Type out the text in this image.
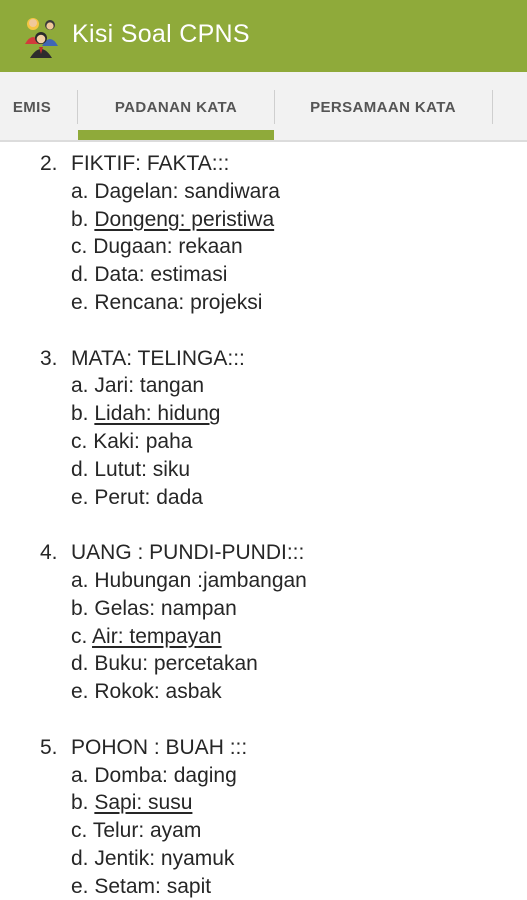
Kisi Soal CPNS
EMIS	PADANAN KATA	PERSAMAAN KATA
2. FIKTIF: FAKTA:::
a. Dagelan: sandiwara
b. Dongeng: peristiwa
c. Dugaan: rekaan
d. Data: estimasi
e. Rencana: projeksi
3. MATA: TELINGA:::
a. Jari: tangan
b. Lidah: hidung
c. Kaki: paha
d. Lutut: siku
e. Perut: dada
4. UANG : PUNDI-PUNDI:::
a. Hubungan :jambangan
b. Gelas: nampan
c. Air: tempayan
d. Buku: percetakan
e. Rokok: asbak
5. POHON : BUAH :::
a. Domba: daging
b. Sapi: susu
c. Telur: ayam
d. Jentik: nyamuk
e. Setam: sapit
